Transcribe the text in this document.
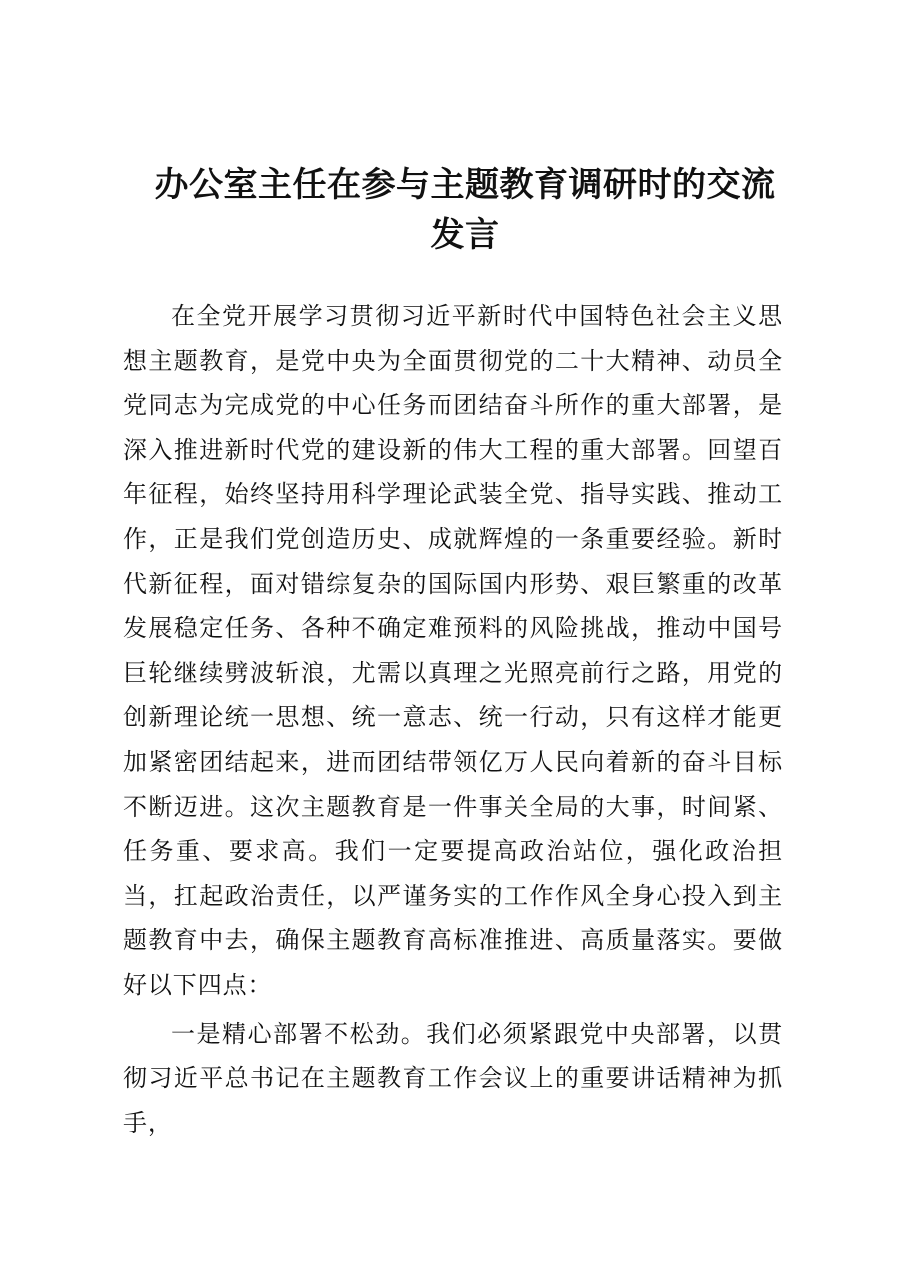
办公室主任在参与主题教育调研时的交流发言

在全党开展学习贯彻习近平新时代中国特色社会主义思想主题教育，是党中央为全面贯彻党的二十大精神、动员全党同志为完成党的中心任务而团结奋斗所作的重大部署，是深入推进新时代党的建设新的伟大工程的重大部署。回望百年征程，始终坚持用科学理论武装全党、指导实践、推动工作，正是我们党创造历史、成就辉煌的一条重要经验。新时代新征程，面对错综复杂的国际国内形势、艰巨繁重的改革发展稳定任务、各种不确定难预料的风险挑战，推动中国号巨轮继续劈波斩浪，尤需以真理之光照亮前行之路，用党的创新理论统一思想、统一意志、统一行动，只有这样才能更加紧密团结起来，进而团结带领亿万人民向着新的奋斗目标不断迈进。这次主题教育是一件事关全局的大事，时间紧、任务重、要求高。我们一定要提高政治站位，强化政治担当，扛起政治责任，以严谨务实的工作作风全身心投入到主题教育中去，确保主题教育高标准推进、高质量落实。要做好以下四点：

一是精心部署不松劲。我们必须紧跟党中央部署，以贯彻习近平总书记在主题教育工作会议上的重要讲话精神为抓手，
